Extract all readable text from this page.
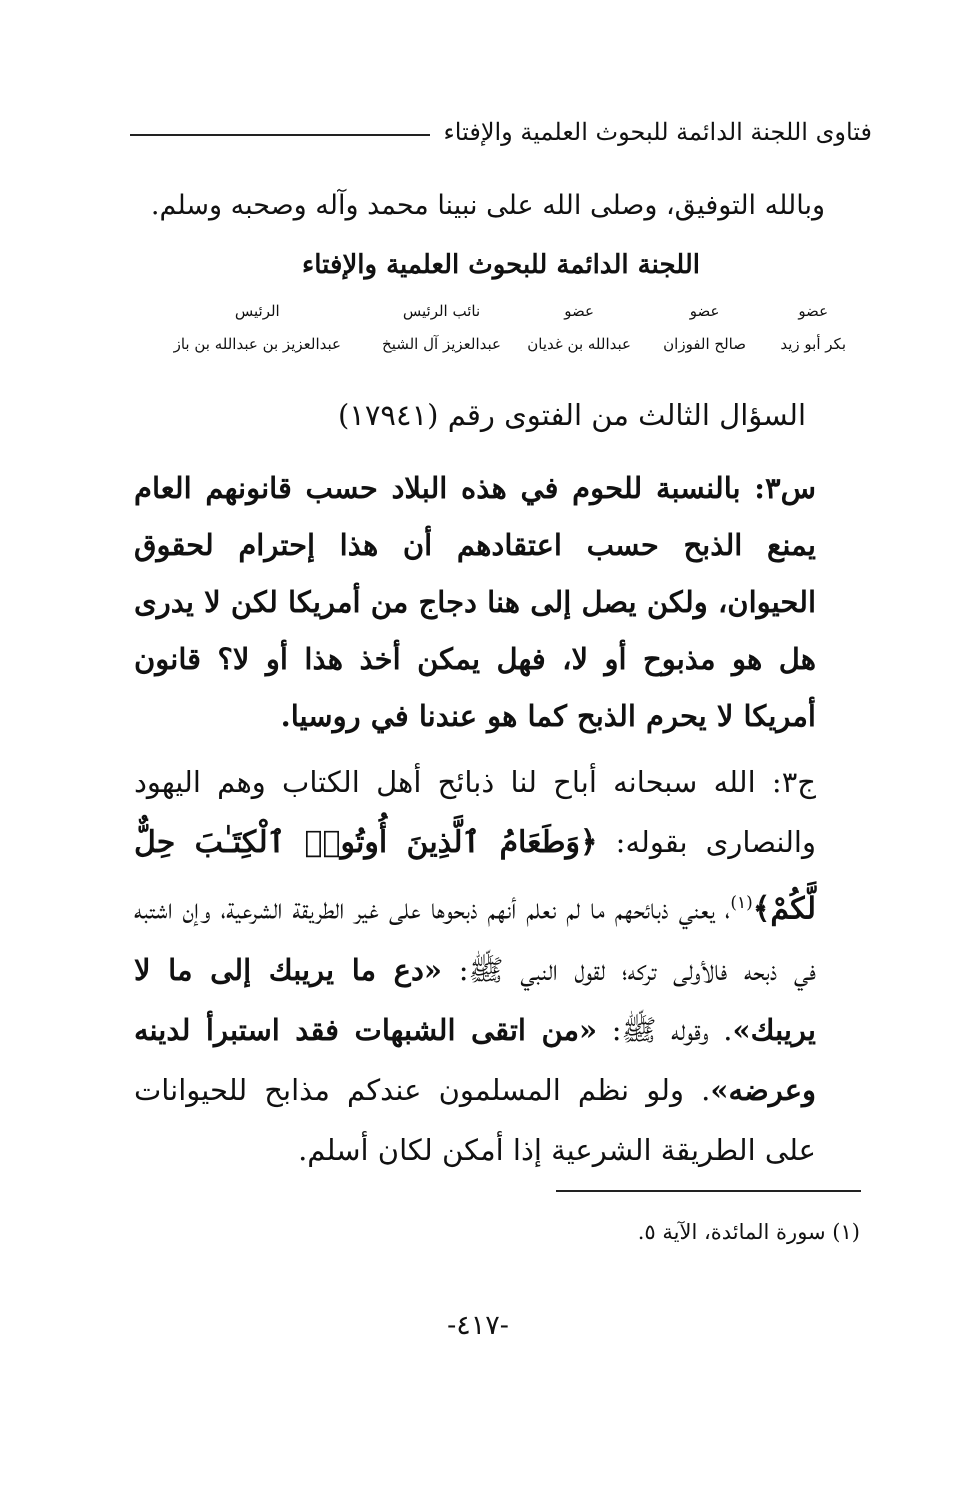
فتاوى اللجنة الدائمة للبحوث العلمية والإفتاء
وبالله التوفيق، وصلى الله على نبينا محمد وآله وصحبه وسلم.
اللجنة الدائمة للبحوث العلمية والإفتاء
عضو
بكر أبو زيد
عضو
صالح الفوزان
عضو
عبدالله بن غديان
نائب الرئيس
عبدالعزيز آل الشيخ
الرئيس
عبدالعزيز بن عبدالله بن باز
السؤال الثالث من الفتوى رقم (١٧٩٤١)
س٣: بالنسبة للحوم في هذه البلاد حسب قانونهم العام يمنع الذبح حسب اعتقادهم أن هذا إحترام لحقوق الحيوان، ولكن يصل إلى هنا دجاج من أمريكا لكن لا يدرى هل هو مذبوح أو لا، فهل يمكن أخذ هذا أو لا؟ قانون أمريكا لا يحرم الذبح كما هو عندنا في روسيا.
ج٣: الله سبحانه أباح لنا ذبائح أهل الكتاب وهم اليهود والنصارى بقوله: ﴿وَطَعَامُ ٱلَّذِينَ أُوتُوا۟ ٱلْكِتَـٰبَ حِلٌّ لَّكُمْ﴾$^{(١)}$، يعني ذبائحهم ما لم نعلم أنهم ذبحوها على غير الطريقة الشرعية، وإن اشتبه في ذبحه فالأولى تركه؛ لقول النبي ﷺ: «دع ما يريبك إلى ما لا يريبك». وقوله ﷺ: «من اتقى الشبهات فقد استبرأ لدينه وعرضه». ولو نظم المسلمون عندكم مذابح للحيوانات على الطريقة الشرعية إذا أمكن لكان أسلم.
(١) سورة المائدة، الآية ٥.
-٤١٧-
